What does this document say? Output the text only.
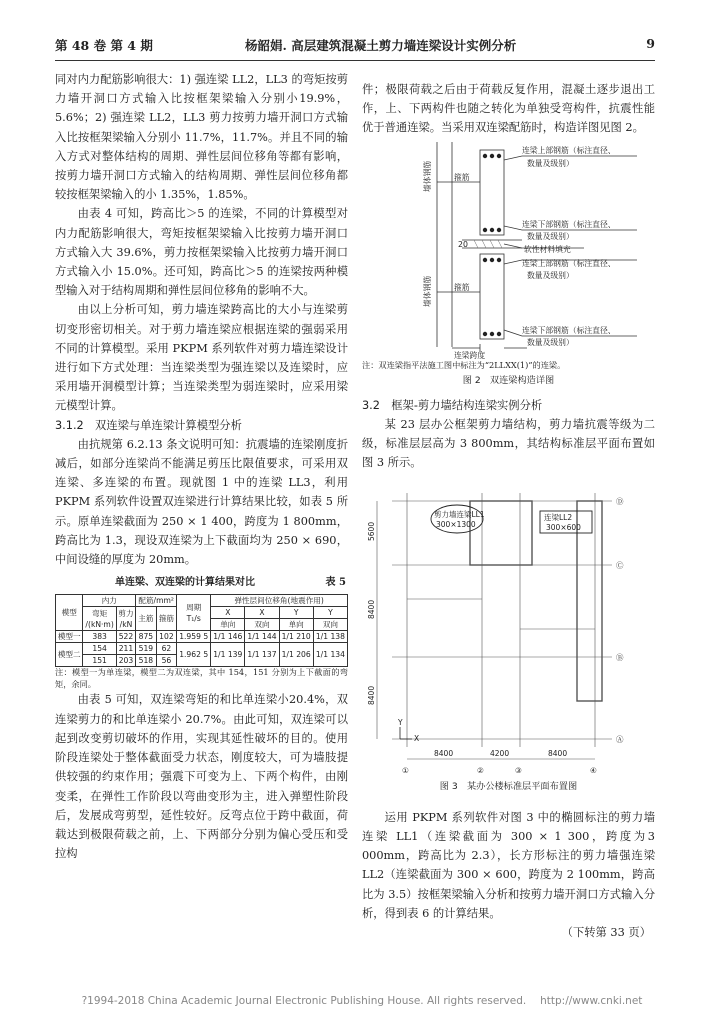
第 48 卷 第 4 期	杨韶娟. 高层建筑混凝土剪力墙连梁设计实例分析	9

同对内力配筋影响很大：1) 强连梁 LL2，LL3 的弯矩按剪力墙开洞口方式输入比按框架梁输入分别小19.9%，5.6%；2) 强连梁 LL2，LL3 剪力按剪力墙开洞口方式输入比按框架梁输入分别小 11.7%，11.7%。并且不同的输入方式对整体结构的周期、弹性层间位移角等都有影响，按剪力墙开洞口方式输入的结构周期、弹性层间位移角都较按框架梁输入的小 1.35%，1.85%。

由表 4 可知，跨高比＞5 的连梁，不同的计算模型对内力配筋影响很大，弯矩按框架梁输入比按剪力墙开洞口方式输入大 39.6%，剪力按框架梁输入比按剪力墙开洞口方式输入小 15.0%。还可知，跨高比＞5 的连梁按两种模型输入对于结构周期和弹性层间位移角的影响不大。

由以上分析可知，剪力墙连梁跨高比的大小与连梁剪切变形密切相关。对于剪力墙连梁应根据连梁的强弱采用不同的计算模型。采用 PKPM 系列软件对剪力墙连梁设计进行如下方式处理：当连梁类型为强连梁以及连梁时，应采用墙开洞模型计算；当连梁类型为弱连梁时，应采用梁元模型计算。

3.1.2　双连梁与单连梁计算模型分析

由抗规第 6.2.13 条文说明可知：抗震墙的连梁刚度折减后，如部分连梁尚不能满足剪压比限值要求，可采用双连梁、多连梁的布置。现就图 1 中的连梁 LL3，利用 PKPM 系列软件设置双连梁进行计算结果比较，如表 5 所示。原单连梁截面为 250 × 1 400，跨度为 1 800mm，跨高比为 1.3，现设双连梁为上下截面均为 250 × 690，中间设缝的厚度为 20mm。

单连梁、双连梁的计算结果对比	表 5
模型	内力		配筋/mm²		周期
T₁/s	弹性层间位移角(地震作用)			
	弯矩
/(kN·m)	剪力
/kN	主筋	箍筋		X	X	Y	Y
						单向	双向	单向	双向
模型一	383	522	875	102	1.959 5	1/1 146	1/1 144	1/1 210	1/1 138
模型二	154	211	519	62	1.962 5	1/1 139	1/1 137	1/1 206	1/1 134
	151	203	518	56					

注：模型一为单连梁，模型二为双连梁，其中 154，151 分别为上下截面的弯矩，余同。

由表 5 可知，双连梁弯矩的和比单连梁小20.4%，双连梁剪力的和比单连梁小 20.7%。由此可知，双连梁可以起到改变剪切破坏的作用，实现其延性破坏的目的。使用阶段连梁处于整体截面受力状态，刚度较大，可为墙肢提供较强的约束作用；强震下可变为上、下两个构件，由刚变柔，在弹性工作阶段以弯曲变形为主，进入弹塑性阶段后，发展成弯剪型，延性较好。反弯点位于跨中截面，荷载达到极限荷载之前，上、下两部分分别为偏心受压和受拉构

件；极限荷载之后由于荷载反复作用，混凝土逐步退出工作，上、下两构件也随之转化为单独受弯构件，抗震性能优于普通连梁。当采用双连梁配筋时，构造详图见图 2。

连梁上部钢筋（标注直径、
数量及级别）
墙体钢筋	箍筋
连梁下部钢筋（标注直径、
数量及级别）
软性材料填充
20
连梁上部钢筋（标注直径、
数量及级别）
墙体钢筋	箍筋
连梁下部钢筋（标注直径、
数量及级别）
连梁跨度

注：双连梁指平法施工图中标注为“2LLXX(1)”的连梁。

图 2　双连梁构造详图

3.2　框架-剪力墙结构连梁实例分析

某 23 层办公框架剪力墙结构，剪力墙抗震等级为二级，标准层层高为 3 800mm，其结构标准层平面布置如图 3 所示。

剪力墙连梁LL1
300×1300
连梁LL2
300×600
5600
8400
8400
8400	4200	8400
①	②	③	④
Ⓓ
Ⓒ
Ⓑ
Ⓐ
X
Y

图 3　某办公楼标准层平面布置图

运用 PKPM 系列软件对图 3 中的椭圆标注的剪力墙连梁 LL1（连梁截面为 300 × 1 300，跨度为3 000mm，跨高比为 2.3），长方形标注的剪力墙强连梁 LL2（连梁截面为 300 × 600，跨度为 2 100mm，跨高比为 3.5）按框架梁输入分析和按剪力墙开洞口方式输入分析，得到表 6 的计算结果。

（下转第 33 页）

?1994-2018 China Academic Journal Electronic Publishing House. All rights reserved.　 http://www.cnki.net
